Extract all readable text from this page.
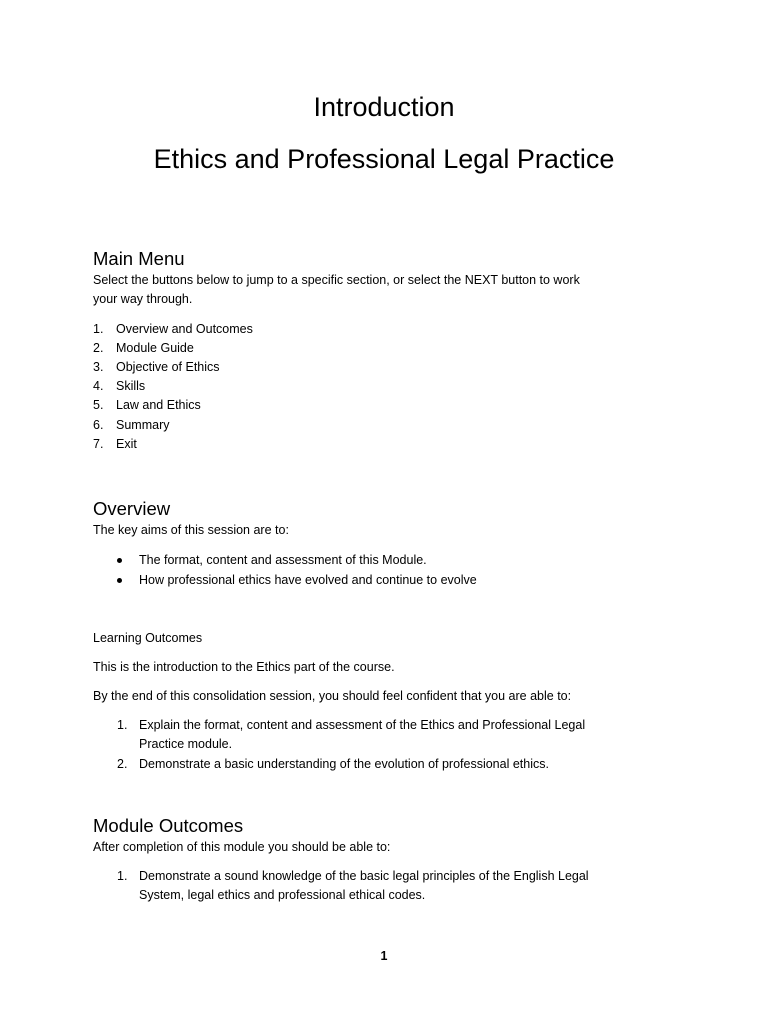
Introduction
Ethics and Professional Legal Practice
Main Menu

Select the buttons below to jump to a specific section, or select the NEXT button to work

your way through.

1. Overview and Outcomes
2. Module Guide
3. Objective of Ethics
4. Skills
5. Law and Ethics
6. Summary
7. Exit
Overview

The key aims of this session are to:

The format, content and assessment of this Module.
How professional ethics have evolved and continue to evolve

Learning Outcomes

This is the introduction to the Ethics part of the course.

By the end of this consolidation session, you should feel confident that you are able to:

1. Explain the format, content and assessment of the Ethics and Professional Legal
Practice module.
2. Demonstrate a basic understanding of the evolution of professional ethics.
Module Outcomes

After completion of this module you should be able to:

1. Demonstrate a sound knowledge of the basic legal principles of the English Legal
System, legal ethics and professional ethical codes.
1
